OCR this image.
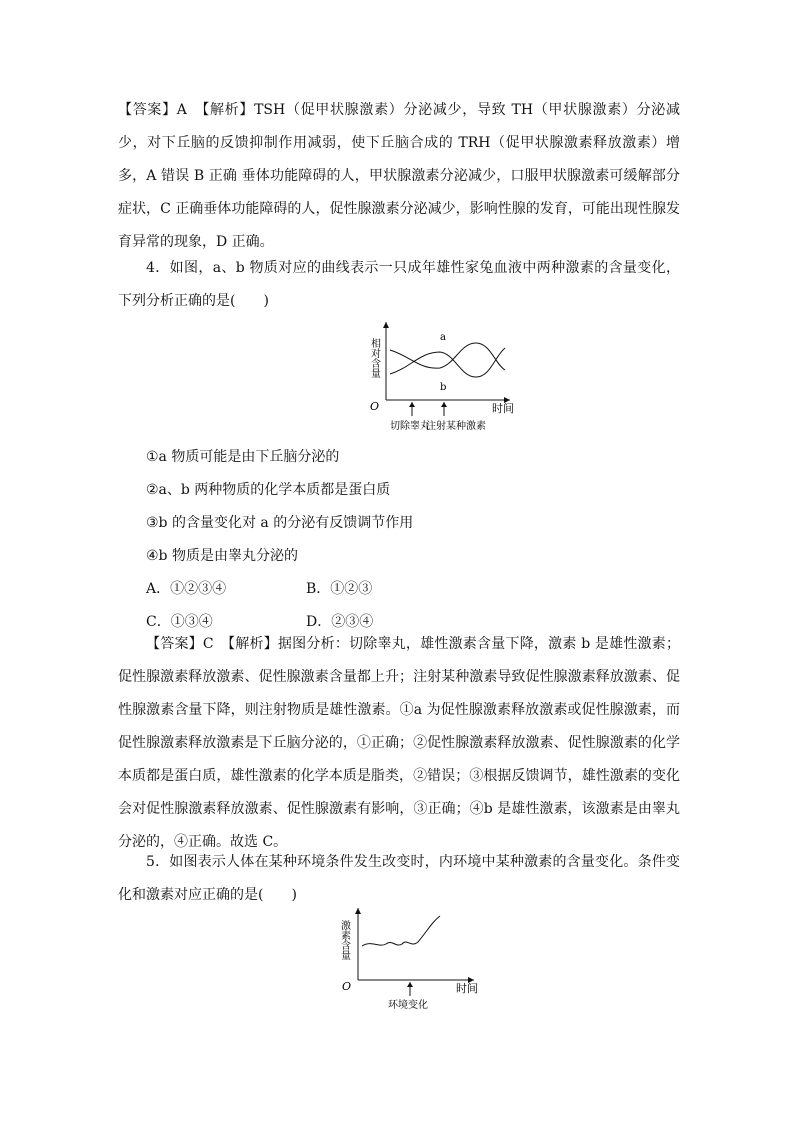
【答案】A　【解析】TSH（促甲状腺激素）分泌减少，导致 TH（甲状腺激素）分泌减少，对下丘脑的反馈抑制作用减弱，使下丘脑合成的 TRH（促甲状腺激素释放激素）增多，A 错误 B 正确 垂体功能障碍的人，甲状腺激素分泌减少，口服甲状腺激素可缓解部分症状，C 正确垂体功能障碍的人，促性腺激素分泌减少，影响性腺的发育，可能出现性腺发育异常的现象，D 正确。

4．如图，a、b 物质对应的曲线表示一只成年雄性家兔血液中两种激素的含量变化，下列分析正确的是(　　)

相对含量
O	时间
a
b
切除睾丸
注射某种激素
①a 物质可能是由下丘脑分泌的
②a、b 两种物质的化学本质都是蛋白质
③b 的含量变化对 a 的分泌有反馈调节作用
④b 物质是由睾丸分泌的
A．①②③④	B．①②③
C．①③④	D．②③④

【答案】C　【解析】据图分析：切除睾丸，雄性激素含量下降，激素 b 是雄性激素；促性腺激素释放激素、促性腺激素含量都上升；注射某种激素导致促性腺激素释放激素、促性腺激素含量下降，则注射物质是雄性激素。①a 为促性腺激素释放激素或促性腺激素，而促性腺激素释放激素是下丘脑分泌的，①正确；②促性腺激素释放激素、促性腺激素的化学本质都是蛋白质，雄性激素的化学本质是脂类，②错误；③根据反馈调节，雄性激素的变化会对促性腺激素释放激素、促性腺激素有影响，③正确；④b 是雄性激素，该激素是由睾丸分泌的，④正确。故选 C。

5．如图表示人体在某种环境条件发生改变时，内环境中某种激素的含量变化。条件变化和激素对应正确的是(　　)

激素含量
O	时间
环境变化
